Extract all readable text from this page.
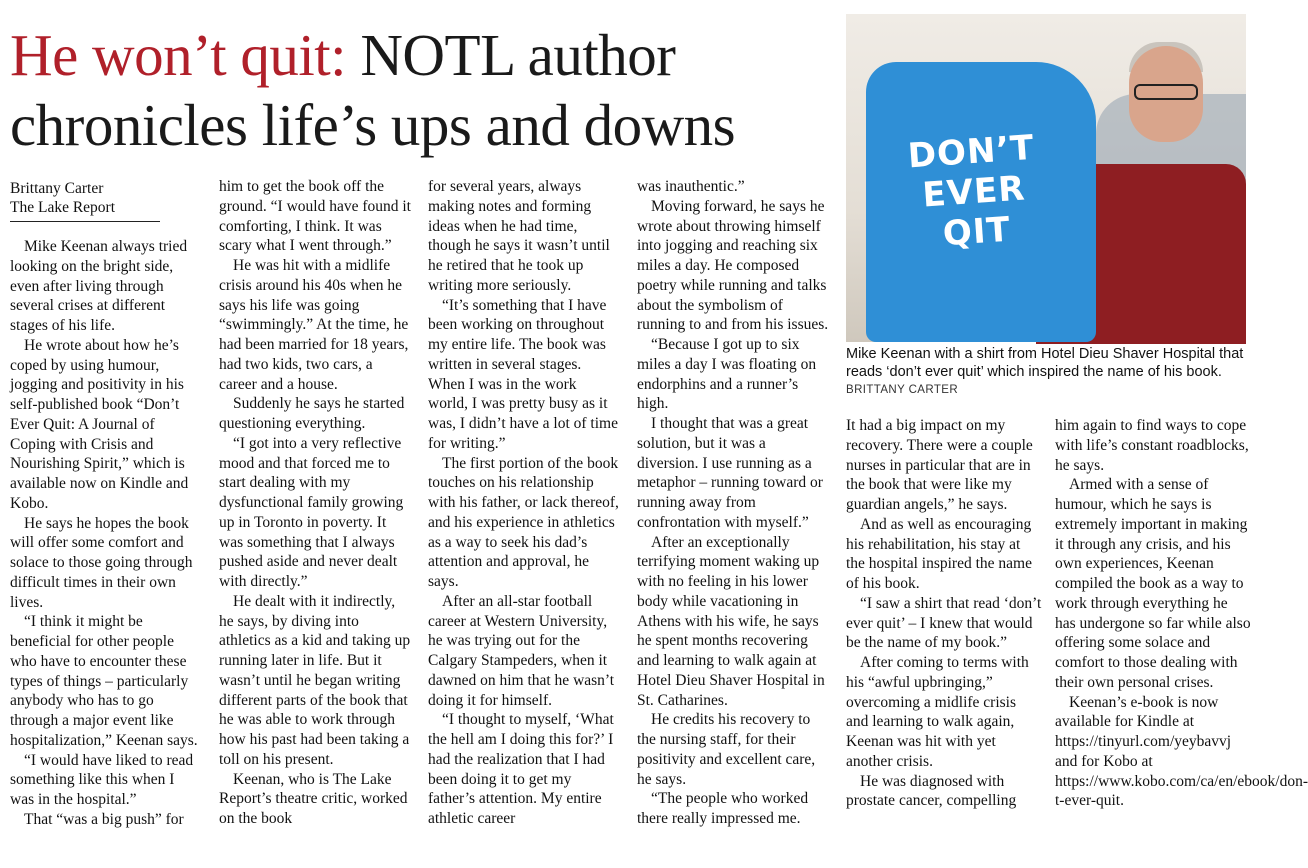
He won’t quit: NOTL author chronicles life’s ups and downs
Brittany Carter
The Lake Report

Mike Keenan always tried looking on the bright side, even after living through several crises at different stages of his life.

He wrote about how he’s coped by using humour, jogging and positivity in his self-published book “Don’t Ever Quit: A Journal of Coping with Crisis and Nourishing Spirit,” which is available now on Kindle and Kobo.

He says he hopes the book will offer some comfort and solace to those going through difficult times in their own lives.

“I think it might be beneficial for other people who have to encounter these types of things – particularly anybody who has to go through a major event like hospitalization,” Keenan says.

“I would have liked to read something like this when I was in the hospital.”

That “was a big push” for

him to get the book off the ground. “I would have found it comforting, I think. It was scary what I went through.”

He was hit with a midlife crisis around his 40s when he says his life was going “swimmingly.” At the time, he had been married for 18 years, had two kids, two cars, a career and a house.

Suddenly he says he started questioning everything.

“I got into a very reflective mood and that forced me to start dealing with my dysfunctional family growing up in Toronto in poverty. It was something that I always pushed aside and never dealt with directly.”

He dealt with it indirectly, he says, by diving into athletics as a kid and taking up running later in life. But it wasn’t until he began writing different parts of the book that he was able to work through how his past had been taking a toll on his present.

Keenan, who is The Lake Report’s theatre critic, worked on the book

for several years, always making notes and forming ideas when he had time, though he says it wasn’t until he retired that he took up writing more seriously.

“It’s something that I have been working on throughout my entire life. The book was written in several stages. When I was in the work world, I was pretty busy as it was, I didn’t have a lot of time for writing.”

The first portion of the book touches on his relationship with his father, or lack thereof, and his experience in athletics as a way to seek his dad’s attention and approval, he says.

After an all-star football career at Western University, he was trying out for the Calgary Stampeders, when it dawned on him that he wasn’t doing it for himself.

“I thought to myself, ‘What the hell am I doing this for?’ I had the realization that I had been doing it to get my father’s attention. My entire athletic career

was inauthentic.”

Moving forward, he says he wrote about throwing himself into jogging and reaching six miles a day. He composed poetry while running and talks about the symbolism of running to and from his issues.

“Because I got up to six miles a day I was floating on endorphins and a runner’s high.

I thought that was a great solution, but it was a diversion. I use running as a metaphor – running toward or running away from confrontation with myself.”

After an exceptionally terrifying moment waking up with no feeling in his lower body while vacationing in Athens with his wife, he says he spent months recovering and learning to walk again at Hotel Dieu Shaver Hospital in St. Catharines.

He credits his recovery to the nursing staff, for their positivity and excellent care, he says.

“The people who worked there really impressed me.

DON’T
EVER
QIT
Mike Keenan with a shirt from Hotel Dieu Shaver Hospital that reads ‘don’t ever quit’ which inspired the name of his book. BRITTANY CARTER

It had a big impact on my recovery. There were a couple nurses in particular that are in the book that were like my guardian angels,” he says.

And as well as encouraging his rehabilitation, his stay at the hospital inspired the name of his book.

“I saw a shirt that read ‘don’t ever quit’ – I knew that would be the name of my book.”

After coming to terms with his “awful upbringing,” overcoming a midlife crisis and learning to walk again, Keenan was hit with yet another crisis.

He was diagnosed with prostate cancer, compelling

him again to find ways to cope with life’s constant roadblocks, he says.

Armed with a sense of humour, which he says is extremely important in making it through any crisis, and his own experiences, Keenan compiled the book as a way to work through everything he has undergone so far while also offering some solace and comfort to those dealing with their own personal crises.

Keenan’s e-book is now available for Kindle at https://tinyurl.com/yeybavvj and for Kobo at https://www.kobo.com/ca/en/ebook/don-t-ever-quit.
